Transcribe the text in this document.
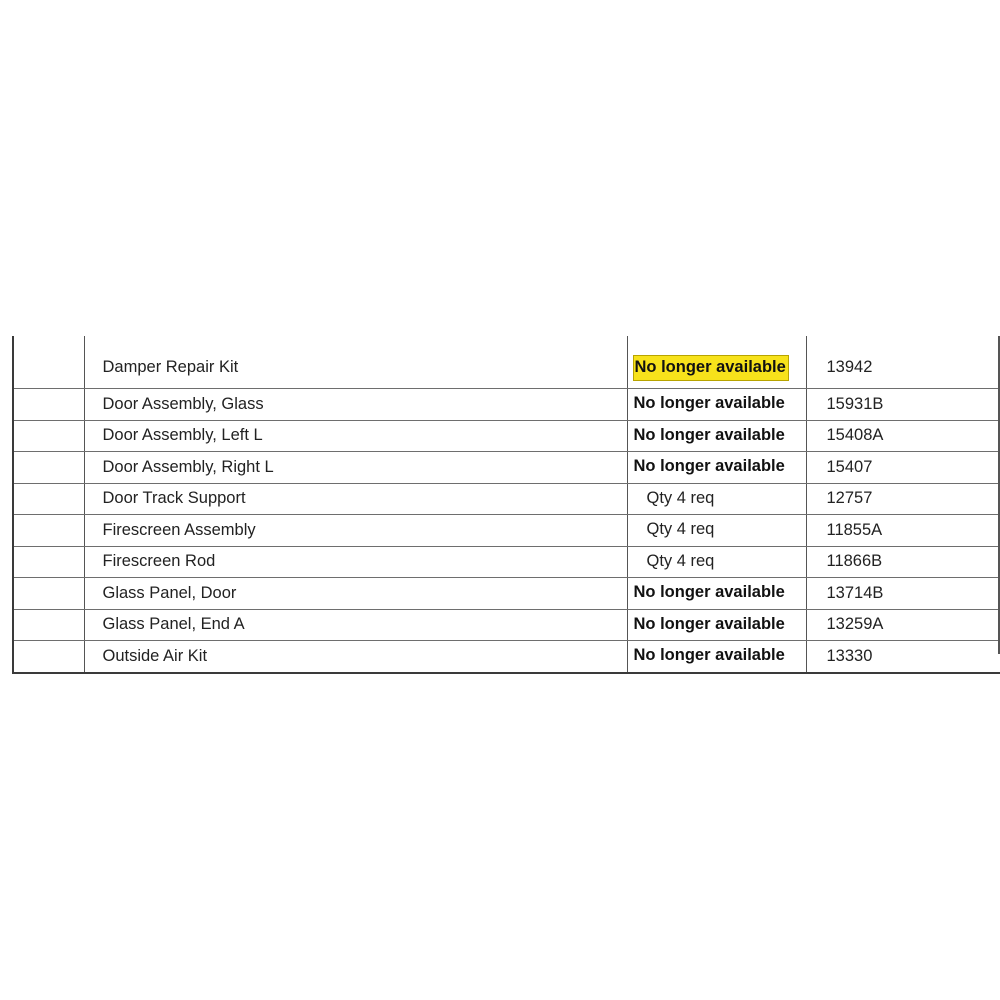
	Damper Repair Kit	No longer available	13942
	Door Assembly, Glass	No longer available	15931B
	Door Assembly, Left L	No longer available	15408A
	Door Assembly, Right L	No longer available	15407
	Door Track Support	Qty 4 req	12757
	Firescreen Assembly	Qty 4 req	11855A
	Firescreen Rod	Qty 4 req	11866B
	Glass Panel, Door	No longer available	13714B
	Glass Panel, End A	No longer available	13259A
	Outside Air Kit	No longer available	13330
